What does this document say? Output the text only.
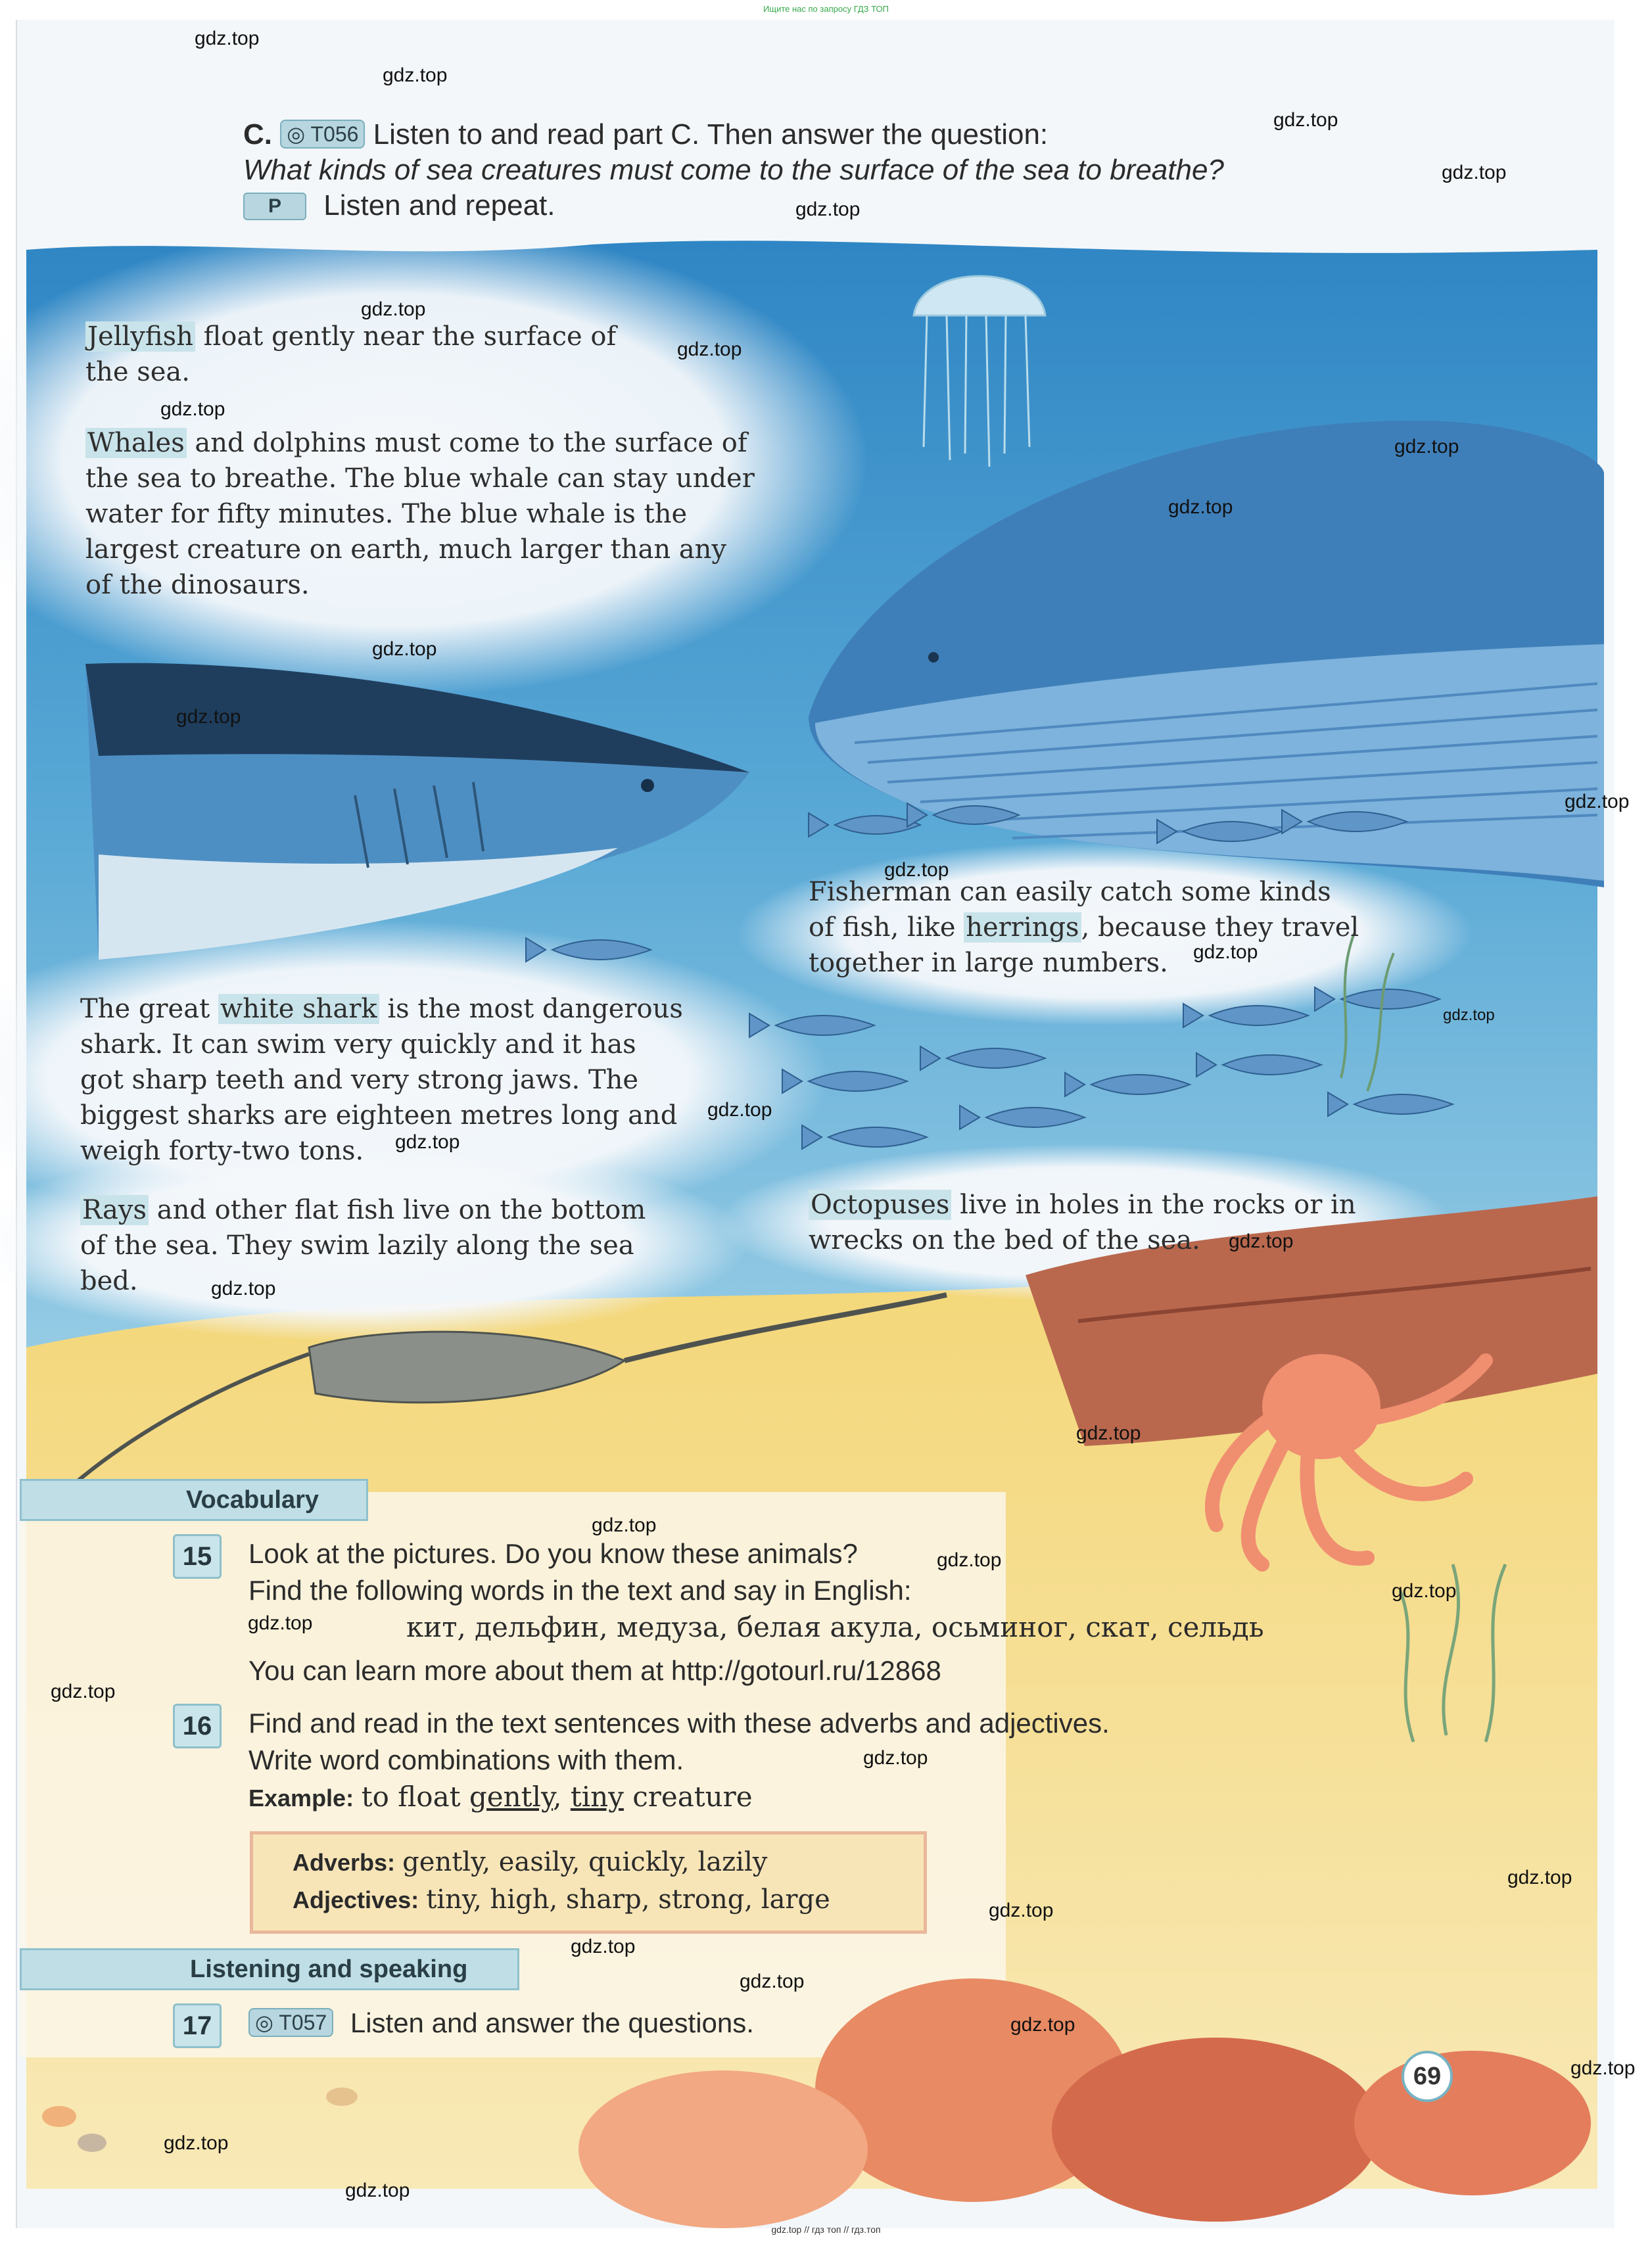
Ищите нас по запросу ГДЗ ТОП
C. ◎ T056 Listen to and read part C. Then answer the question:
What kinds of sea creatures must come to the surface of the sea to breathe?
P Listen and repeat.
Jellyfish float gently near the surface of
the sea.
Whales and dolphins must come to the surface of
the sea to breathe. The blue whale can stay under
water for fifty minutes. The blue whale is the
largest creature on earth, much larger than any
of the dinosaurs.
Fisherman can easily catch some kinds
of fish, like herrings, because they travel
together in large numbers.
The great white shark is the most dangerous
shark. It can swim very quickly and it has
got sharp teeth and very strong jaws. The
biggest sharks are eighteen metres long and
weigh forty-two tons.
Rays and other flat fish live on the bottom
of the sea. They swim lazily along the sea
bed.
Octopuses live in holes in the rocks or in
wrecks on the bed of the sea.
Vocabulary
15	Look at the pictures. Do you know these animals?
Find the following words in the text and say in English:
кит, дельфин, медуза, белая акула, осьминог, скат, сельдь
You can learn more about them at http://gotourl.ru/12868
16	Find and read in the text sentences with these adverbs and adjectives.
Write word combinations with them.
Example: to float gently, tiny creature
Adverbs: gently, easily, quickly, lazily
Adjectives: tiny, high, sharp, strong, large
Listening and speaking
17	◎ T057 Listen and answer the questions.
69
gdz.top
gdz.top
gdz.top
gdz.top
gdz.top
gdz.top
gdz.top
gdz.top
gdz.top
gdz.top
gdz.top
gdz.top
gdz.top
gdz.top
gdz.top
gdz.top
gdz.top
gdz.top
gdz.top
gdz.top
gdz.top
gdz.top
gdz.top
gdz.top
gdz.top
gdz.top
gdz.top
gdz.top
gdz.top
gdz.top
gdz.top
gdz.top
gdz.top
gdz.top
gdz.top
gdz.top // гдз топ // гдз.топ
